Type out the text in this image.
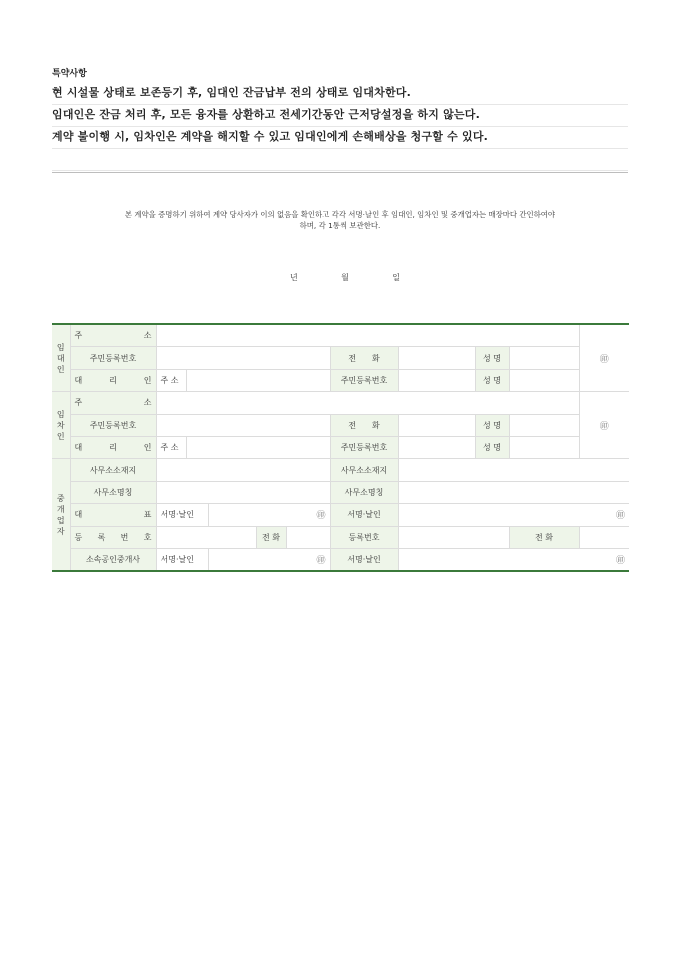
특약사항
현 시설물 상태로 보존등기 후, 임대인 잔금납부 전의 상태로 임대차한다.
임대인은 잔금 처리 후, 모든 융자를 상환하고 전세기간동안 근저당설정을 하지 않는다.
계약 불이행 시, 임차인은 계약을 해지할 수 있고 임대인에게 손해배상을 청구할 수 있다.
본 계약을 증명하기 위하여 계약 당사자가 이의 없음을 확인하고 각각 서명·날인 후 임대인, 임차인 및 중개업자는 매장마다 간인하여야
하며, 각 1통씩 보관한다.
년	월	일
임
대
인	주　　소										㊞
	주민등록번호						전　　화		성 명		
	대 리 인	주 소					주민등록번호		성 명		

임
차
인	주　　소										㊞
	주민등록번호						전　　화		성 명		
	대 리 인	주 소					주민등록번호		성 명		

중
개
업
자	사무소소재지						사무소소재지				
	사무소명칭						사무소명칭				
	대　　표	서명·날인		㊞			서명·날인	㊞			
	등 록 번 호				전 화		등록번호			전 화	
	소속공인중개사	서명·날인		㊞			서명·날인	㊞			
